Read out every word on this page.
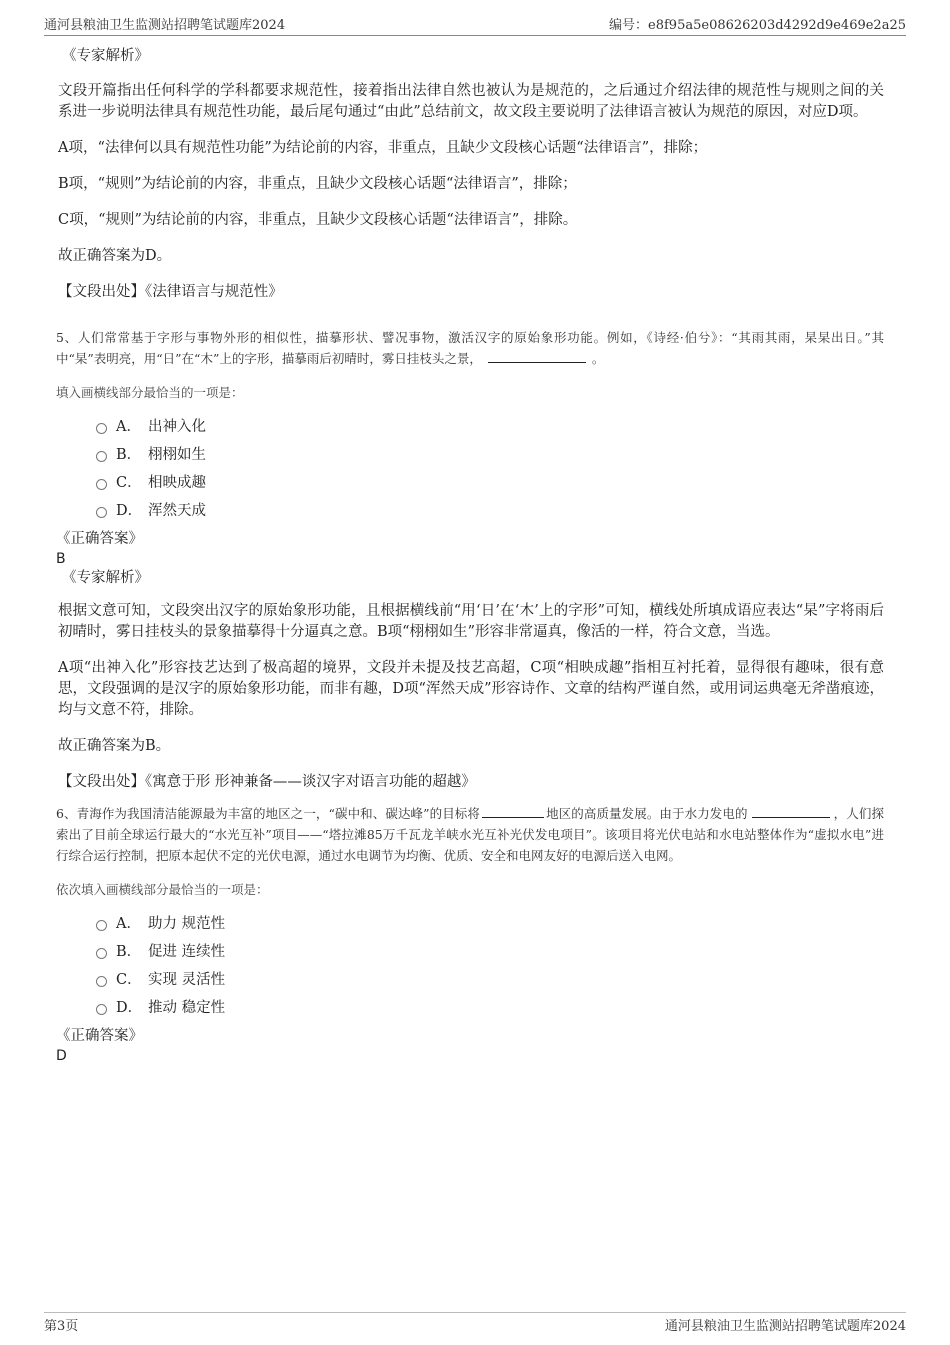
通河县粮油卫生监测站招聘笔试题库2024	编号：e8f95a5e08626203d4292d9e469e2a25

《专家解析》

文段开篇指出任何科学的学科都要求规范性，接着指出法律自然也被认为是规范的，之后通过介绍法律的规范性与规则之间的关系进一步说明法律具有规范性功能，最后尾句通过“由此”总结前文，故文段主要说明了法律语言被认为规范的原因，对应D项。

A项，“法律何以具有规范性功能”为结论前的内容，非重点，且缺少文段核心话题“法律语言”，排除；

B项，“规则”为结论前的内容，非重点，且缺少文段核心话题“法律语言”，排除；

C项，“规则”为结论前的内容，非重点，且缺少文段核心话题“法律语言”，排除。

故正确答案为D。

【文段出处】《法律语言与规范性》

5、人们常常基于字形与事物外形的相似性，描摹形状、譬况事物，激活汉字的原始象形功能。例如，《诗经·伯兮》：“其雨其雨，杲杲出日。”其中“杲”表明亮，用“日”在“木”上的字形，描摹雨后初晴时，雾日挂枝头之景，	。

填入画横线部分最恰当的一项是：

A． 出神入化
B． 栩栩如生
C． 相映成趣
D． 浑然天成

《正确答案》

B

《专家解析》

根据文意可知，文段突出汉字的原始象形功能，且根据横线前“用‘日’在‘木’上的字形”可知，横线处所填成语应表达“杲”字将雨后初晴时，雾日挂枝头的景象描摹得十分逼真之意。B项“栩栩如生”形容非常逼真，像活的一样，符合文意，当选。

A项“出神入化”形容技艺达到了极高超的境界，文段并未提及技艺高超，C项“相映成趣”指相互衬托着，显得很有趣味，很有意思，文段强调的是汉字的原始象形功能，而非有趣，D项“浑然天成”形容诗作、文章的结构严谨自然，或用词运典毫无斧凿痕迹，均与文意不符，排除。

故正确答案为B。

【文段出处】《寓意于形 形神兼备——谈汉字对语言功能的超越》

6、青海作为我国清洁能源最为丰富的地区之一，“碳中和、碳达峰”的目标将	地区的高质量发展。由于水力发电的	，人们探索出了目前全球运行最大的“水光互补”项目——“塔拉滩85万千瓦龙羊峡水光互补光伏发电项目”。该项目将光伏电站和水电站整体作为“虚拟水电”进行综合运行控制，把原本起伏不定的光伏电源，通过水电调节为均衡、优质、安全和电网友好的电源后送入电网。

依次填入画横线部分最恰当的一项是：

A． 助力 规范性
B． 促进 连续性
C． 实现 灵活性
D． 推动 稳定性

《正确答案》

D

第3页	通河县粮油卫生监测站招聘笔试题库2024
